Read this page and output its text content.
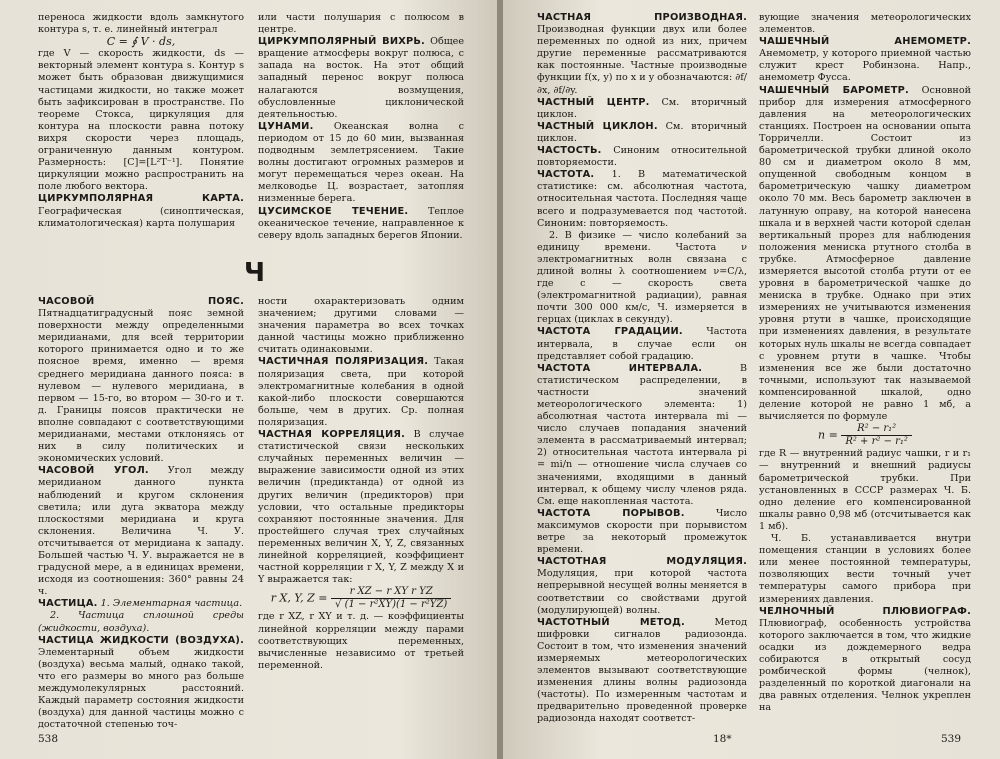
переноса жидкости вдоль замкнутого контура s, т. е. линейный интеграл

C = ∮ V · ds,

где V — скорость жидкости, ds — векторный элемент контура s. Контур s может быть образован движущимися частицами жидкости, но также может быть зафиксирован в пространстве. По теореме Стокса, циркуляция для контура на плоскости равна потоку вихря скорости через площадь, ограниченную данным контуром. Размерность: [C]=[L²T⁻¹]. Понятие циркуляции можно распространить на поле любого вектора.

ЦИРКУМПОЛЯРНАЯ КАРТА. Географическая (синоптическая, климатологическая) карта полушария

или части полушария с полюсом в центре.

ЦИРКУМПОЛЯРНЫЙ ВИХРЬ. Общее вращение атмосферы вокруг полюса, с запада на восток. На этот общий западный перенос вокруг полюса налагаются возмущения, обусловленные циклонической деятельностью.

ЦУНАМИ. Океанская волна с периодом от 15 до 60 мин, вызванная подводным землетрясением. Такие волны достигают огромных размеров и могут перемещаться через океан. На мелководье Ц. возрастает, затопляя низменные берега.

ЦУСИМСКОЕ ТЕЧЕНИЕ. Теплое океаническое течение, направленное к северу вдоль западных берегов Японии.

Ч

ЧАСОВОЙ ПОЯС. Пятнадцатиградусный пояс земной поверхности между определенными меридианами, для всей территории которого принимается одно и то же поясное время, именно — время среднего меридиана данного пояса: в нулевом — нулевого меридиана, в первом — 15-го, во втором — 30-го и т. д. Границы поясов практически не вполне совпадают с соответствующими меридианами, местами отклоняясь от них в силу политических и экономических условий.

ЧАСОВОЙ УГОЛ. Угол между меридианом данного пункта наблюдений и кругом склонения светила; или дуга экватора между плоскостями меридиана и круга склонения. Величина Ч. У. отсчитывается от меридиана к западу. Большей частью Ч. У. выражается не в градусной мере, а в единицах времени, исходя из соотношения: 360° равны 24 ч.

ЧАСТИЦА. 1. Элементарная частица.

2. Частица сплошной среды (жидкости, воздуха).

ЧАСТИЦА ЖИДКОСТИ (ВОЗДУХА). Элементарный объем жидкости (воздуха) весьма малый, однако такой, что его размеры во много раз больше междумолекулярных расстояний. Каждый параметр состояния жидкости (воздуха) для данной частицы можно с достаточной степенью точ-

ности охарактеризовать одним значением; другими словами — значения параметра во всех точках данной частицы можно приближенно считать одинаковыми.

ЧАСТИЧНАЯ ПОЛЯРИЗАЦИЯ. Такая поляризация света, при которой электромагнитные колебания в одной какой-либо плоскости совершаются больше, чем в других. Ср. полная поляризация.

ЧАСТНАЯ КОРРЕЛЯЦИЯ. В случае статистической связи нескольких случайных переменных величин — выражение зависимости одной из этих величин (предиктанда) от одной из других величин (предикторов) при условии, что остальные предикторы сохраняют постоянные значения. Для простейшего случая трех случайных переменных величин X, Y, Z, связанных линейной корреляцией, коэффициент частной корреляции r X, Y, Z между X и Y выражается так:

r X, Y, $Z = \frac{\text{r XZ − r XY r YZ}}{\text{√ (1 − r²XY)(1 − r²YZ)}}$

где r XZ, r XY и т. д. — коэффициенты линейной корреляции между парами соответствующих переменных, вычисленные независимо от третьей переменной.

538

ЧАСТНАЯ ПРОИЗВОДНАЯ. Производная функции двух или более переменных по одной из них, причем другие переменные рассматриваются как постоянные. Частные производные функции f(x, y) по x и y обозначаются: ∂f/∂x, ∂f/∂y.

ЧАСТНЫЙ ЦЕНТР. См. вторичный циклон.

ЧАСТНЫЙ ЦИКЛОН. См. вторичный циклон.

ЧАСТОСТЬ. Синоним относительной повторяемости.

ЧАСТОТА. 1. В математической статистике: см. абсолютная частота, относительная частота. Последняя чаще всего и подразумевается под частотой. Синоним: повторяемость.

2. В физике — число колебаний за единицу времени. Частота ν электромагнитных волн связана с длиной волны λ соотношением ν=C/λ, где c — скорость света (электромагнитной радиации), равная почти 300 000 км/с, Ч. измеряется в герцах (циклах в секунду).

ЧАСТОТА ГРАДАЦИИ. Частота интервала, в случае если он представляет собой градацию.

ЧАСТОТА ИНТЕРВАЛА.	В статистическом распределении, в частности значений метеорологического элемента: 1) абсолютная частота интервала mi — число случаев попадания значений элемента в рассматриваемый интервал; 2) относительная частота интервала pi = mi/n — отношение числа случаев со значениями, входящими в данный интервал, к общему числу членов ряда. См. еще накопленная частота.

ЧАСТОТА ПОРЫВОВ.	Число максимумов скорости при порывистом ветре за некоторый промежуток времени.

ЧАСТОТНАЯ МОДУЛЯЦИЯ. Модуляция, при которой частота непрерывной несущей волны меняется в соответствии со свойствами другой (модулирующей) волны.

ЧАСТОТНЫЙ МЕТОД.	Метод шифровки сигналов радиозонда. Состоит в том, что изменения значений измеряемых метеорологических элементов вызывают соответствующие изменения длины волны радиозонда (частоты). По измеренным частотам и предварительно проведенной проверке радиозонда находят соответст-

вующие значения метеорологических элементов.

ЧАШЕЧНЫЙ АНЕМОМЕТР. Анемометр, у которого приемной частью служит крест Робинзона. Напр., анемометр Фусса.

ЧАШЕЧНЫЙ БАРОМЕТР. Основной прибор для измерения атмосферного давления на метеорологических станциях. Построен на основании опыта Торричелли. Состоит из барометрической трубки длиной около 80 см и диаметром около 8 мм, опущенной свободным концом в барометрическую чашку диаметром около 70 мм. Весь барометр заключен в латунную оправу, на которой нанесена шкала и в верхней части которой сделан вертикальный прорез для наблюдения положения мениска ртутного столба в трубке. Атмосферное давление измеряется высотой столба ртути от ее уровня в барометрической чашке до мениска в трубке. Однако при этих измерениях не учитываются изменения уровня ртути в чашке, происходящие при изменениях давления, в результате которых нуль шкалы не всегда совпадает с уровнем ртути в чашке. Чтобы изменения все же были достаточно точными, используют так называемой компенсированной шкалой, одно деление которой не равно 1 мб, а вычисляется по формуле

$n = \frac{\text{R² − r₁²}}{\text{R² + r² − r₁²}}$

где R — внутренний радиус чашки, r и r₁ — внутренний и внешний радиусы барометрической трубки. При установленных в СССР размерах Ч. Б. одно деление его компенсированной шкалы равно 0,98 мб (отсчитывается как 1 мб).

Ч. Б. устанавливается внутри помещения станции в условиях более или менее постоянной температуры, позволяющих вести точный учет температуры самого прибора при измерениях давления.

ЧЕЛНОЧНЫЙ ПЛЮВИОГРАФ. Плювиограф, особенность устройства которого заключается в том, что жидкие осадки из дождемерного ведра собираются в открытый сосуд ромбической формы (челнок), разделенный по короткой диагонали на два равных отделения. Челнок укреплен на

18*	539
